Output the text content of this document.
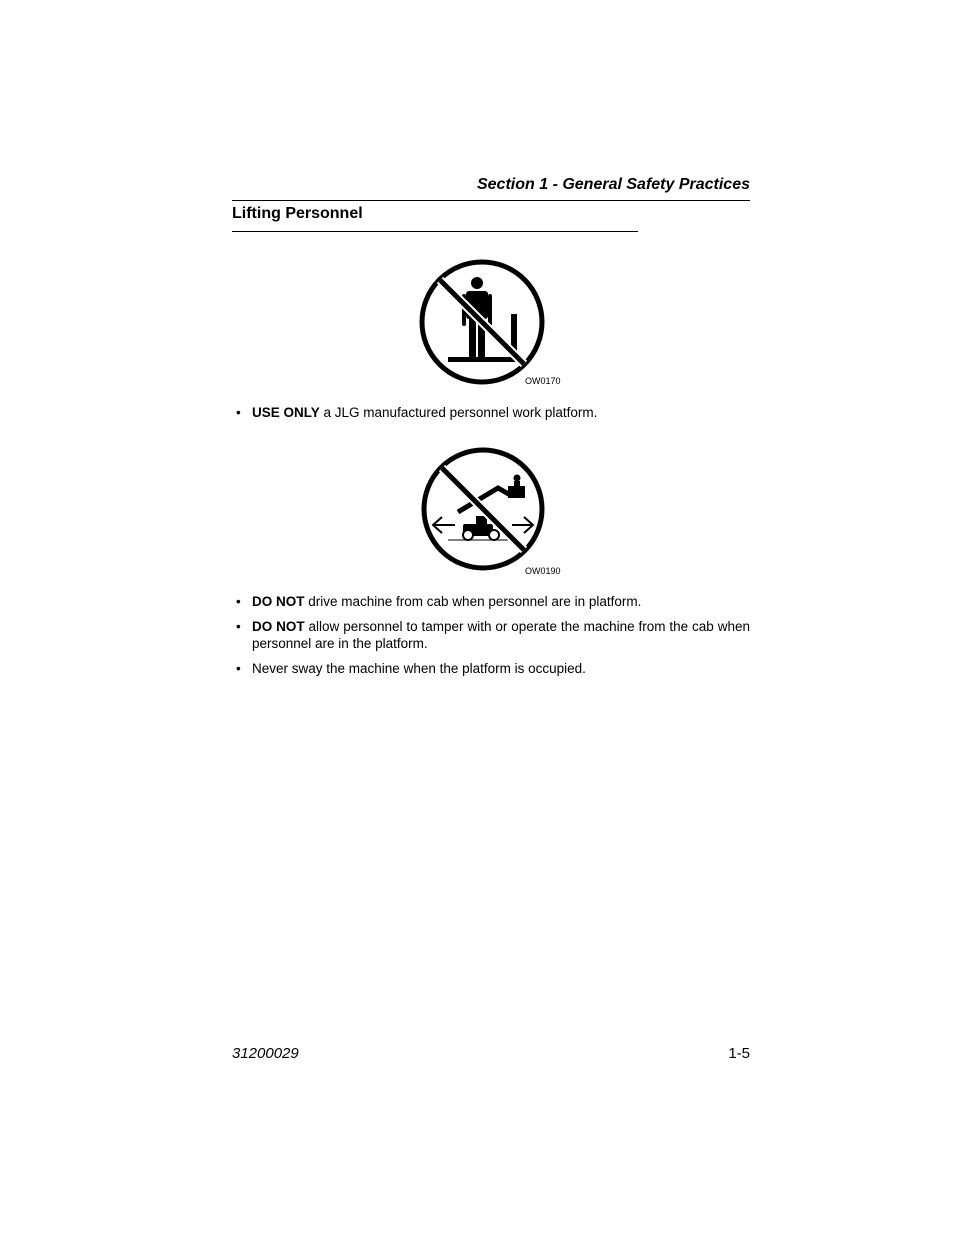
Section 1 - General Safety Practices
Lifting Personnel
OW0170
• USE ONLY a JLG manufactured personnel work platform.
OW0190
• DO NOT drive machine from cab when personnel are in platform.
• DO NOT allow personnel to tamper with or operate the machine from the cab when personnel are in the platform.
• Never sway the machine when the platform is occupied.
31200029	1-5
